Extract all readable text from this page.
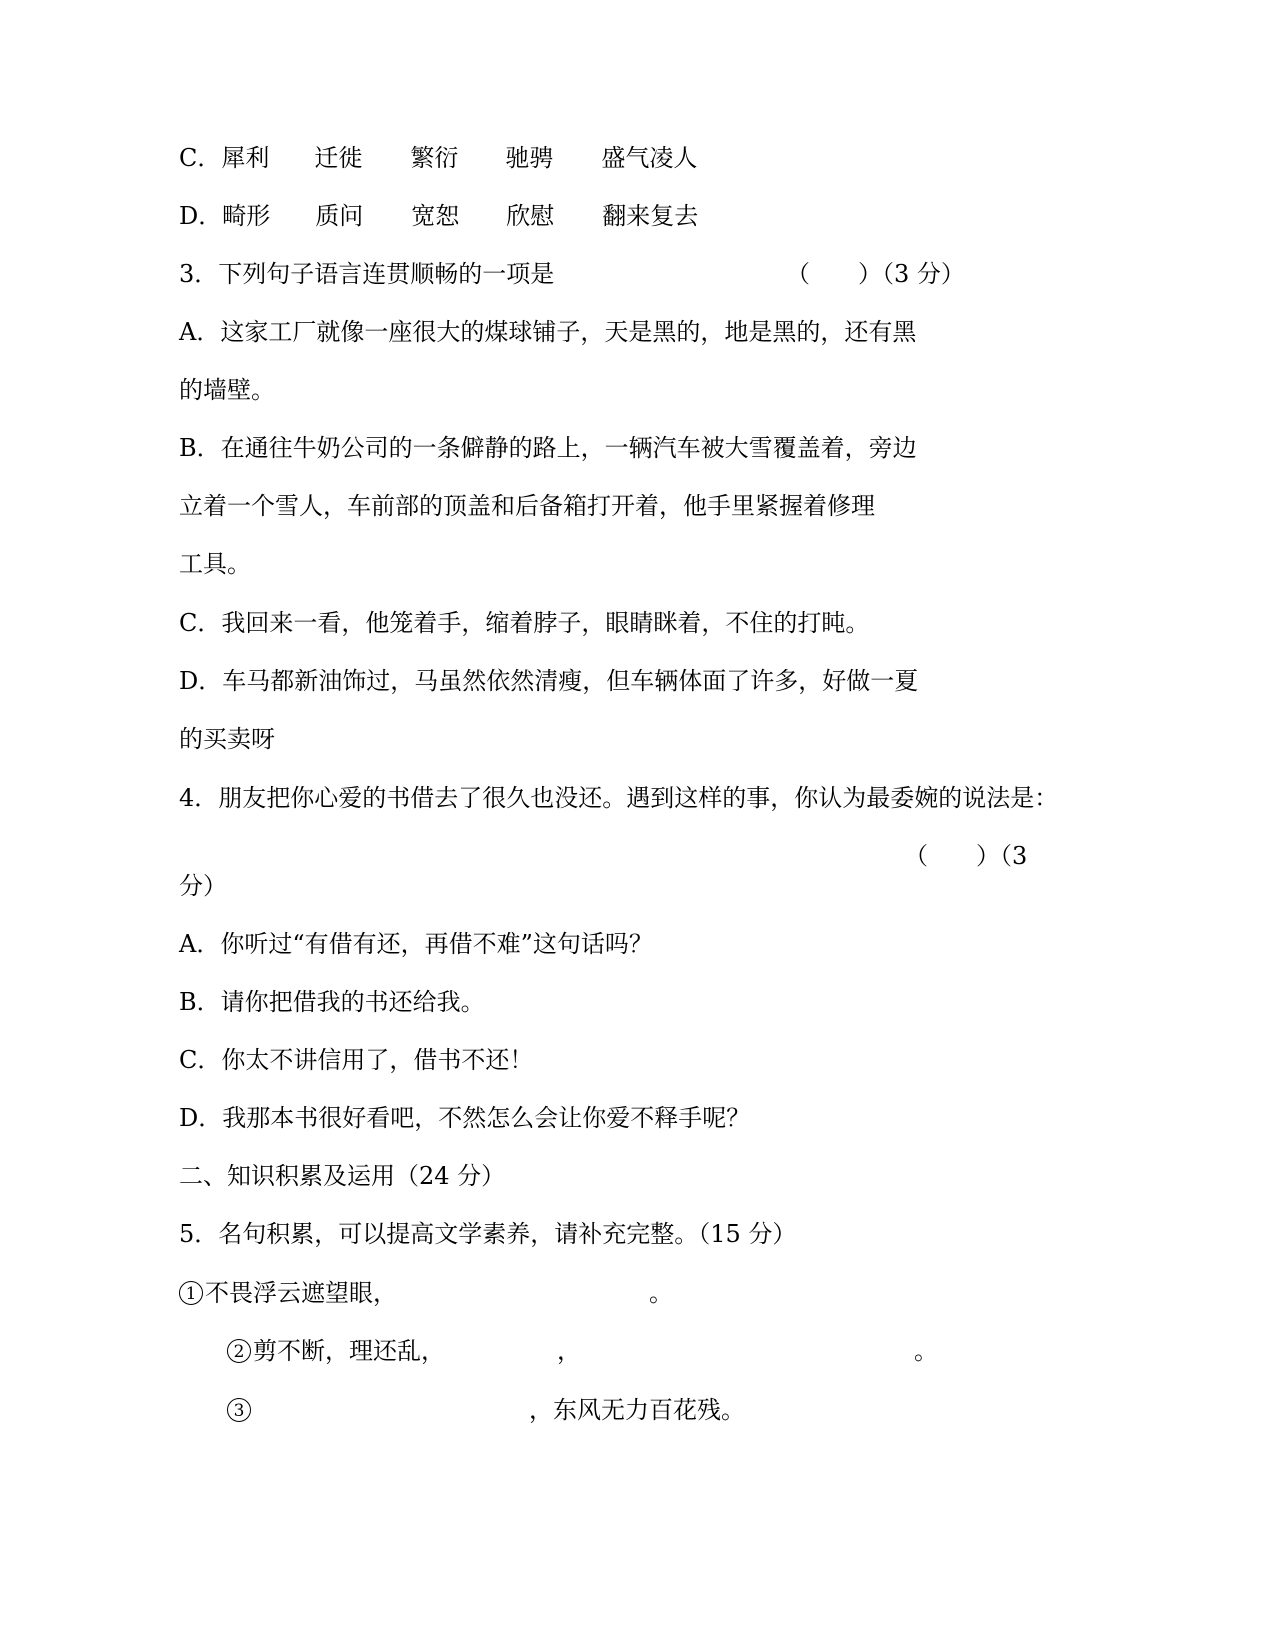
C．犀利 迁徙 繁衍 驰骋 盛气凌人
D．畸形 质问 宽恕 欣慰 翻来复去
3．下列句子语言连贯顺畅的一项是	（　　）（3 分）
A．这家工厂就像一座很大的煤球铺子，天是黑的，地是黑的，还有黑
的墙壁。
B．在通往牛奶公司的一条僻静的路上，一辆汽车被大雪覆盖着，旁边
立着一个雪人，车前部的顶盖和后备箱打开着，他手里紧握着修理
工具。
C．我回来一看，他笼着手，缩着脖子，眼睛眯着，不住的打盹。
D．车马都新油饰过，马虽然依然清瘦，但车辆体面了许多，好做一夏
的买卖呀
4．朋友把你心爱的书借去了很久也没还。遇到这样的事，你认为最委婉的说法是：
（　　）（3
分）
A．你听过“有借有还，再借不难”这句话吗？
B．请你把借我的书还给我。
C．你太不讲信用了，借书不还！
D．我那本书很好看吧，不然怎么会让你爱不释手呢？
二、知识积累及运用（24 分）
5．名句积累，可以提高文学素养，请补充完整。（15 分）
1 不畏浮云遮望眼，	。
2 剪不断，理还乱，	，	。
3	，东风无力百花残。
